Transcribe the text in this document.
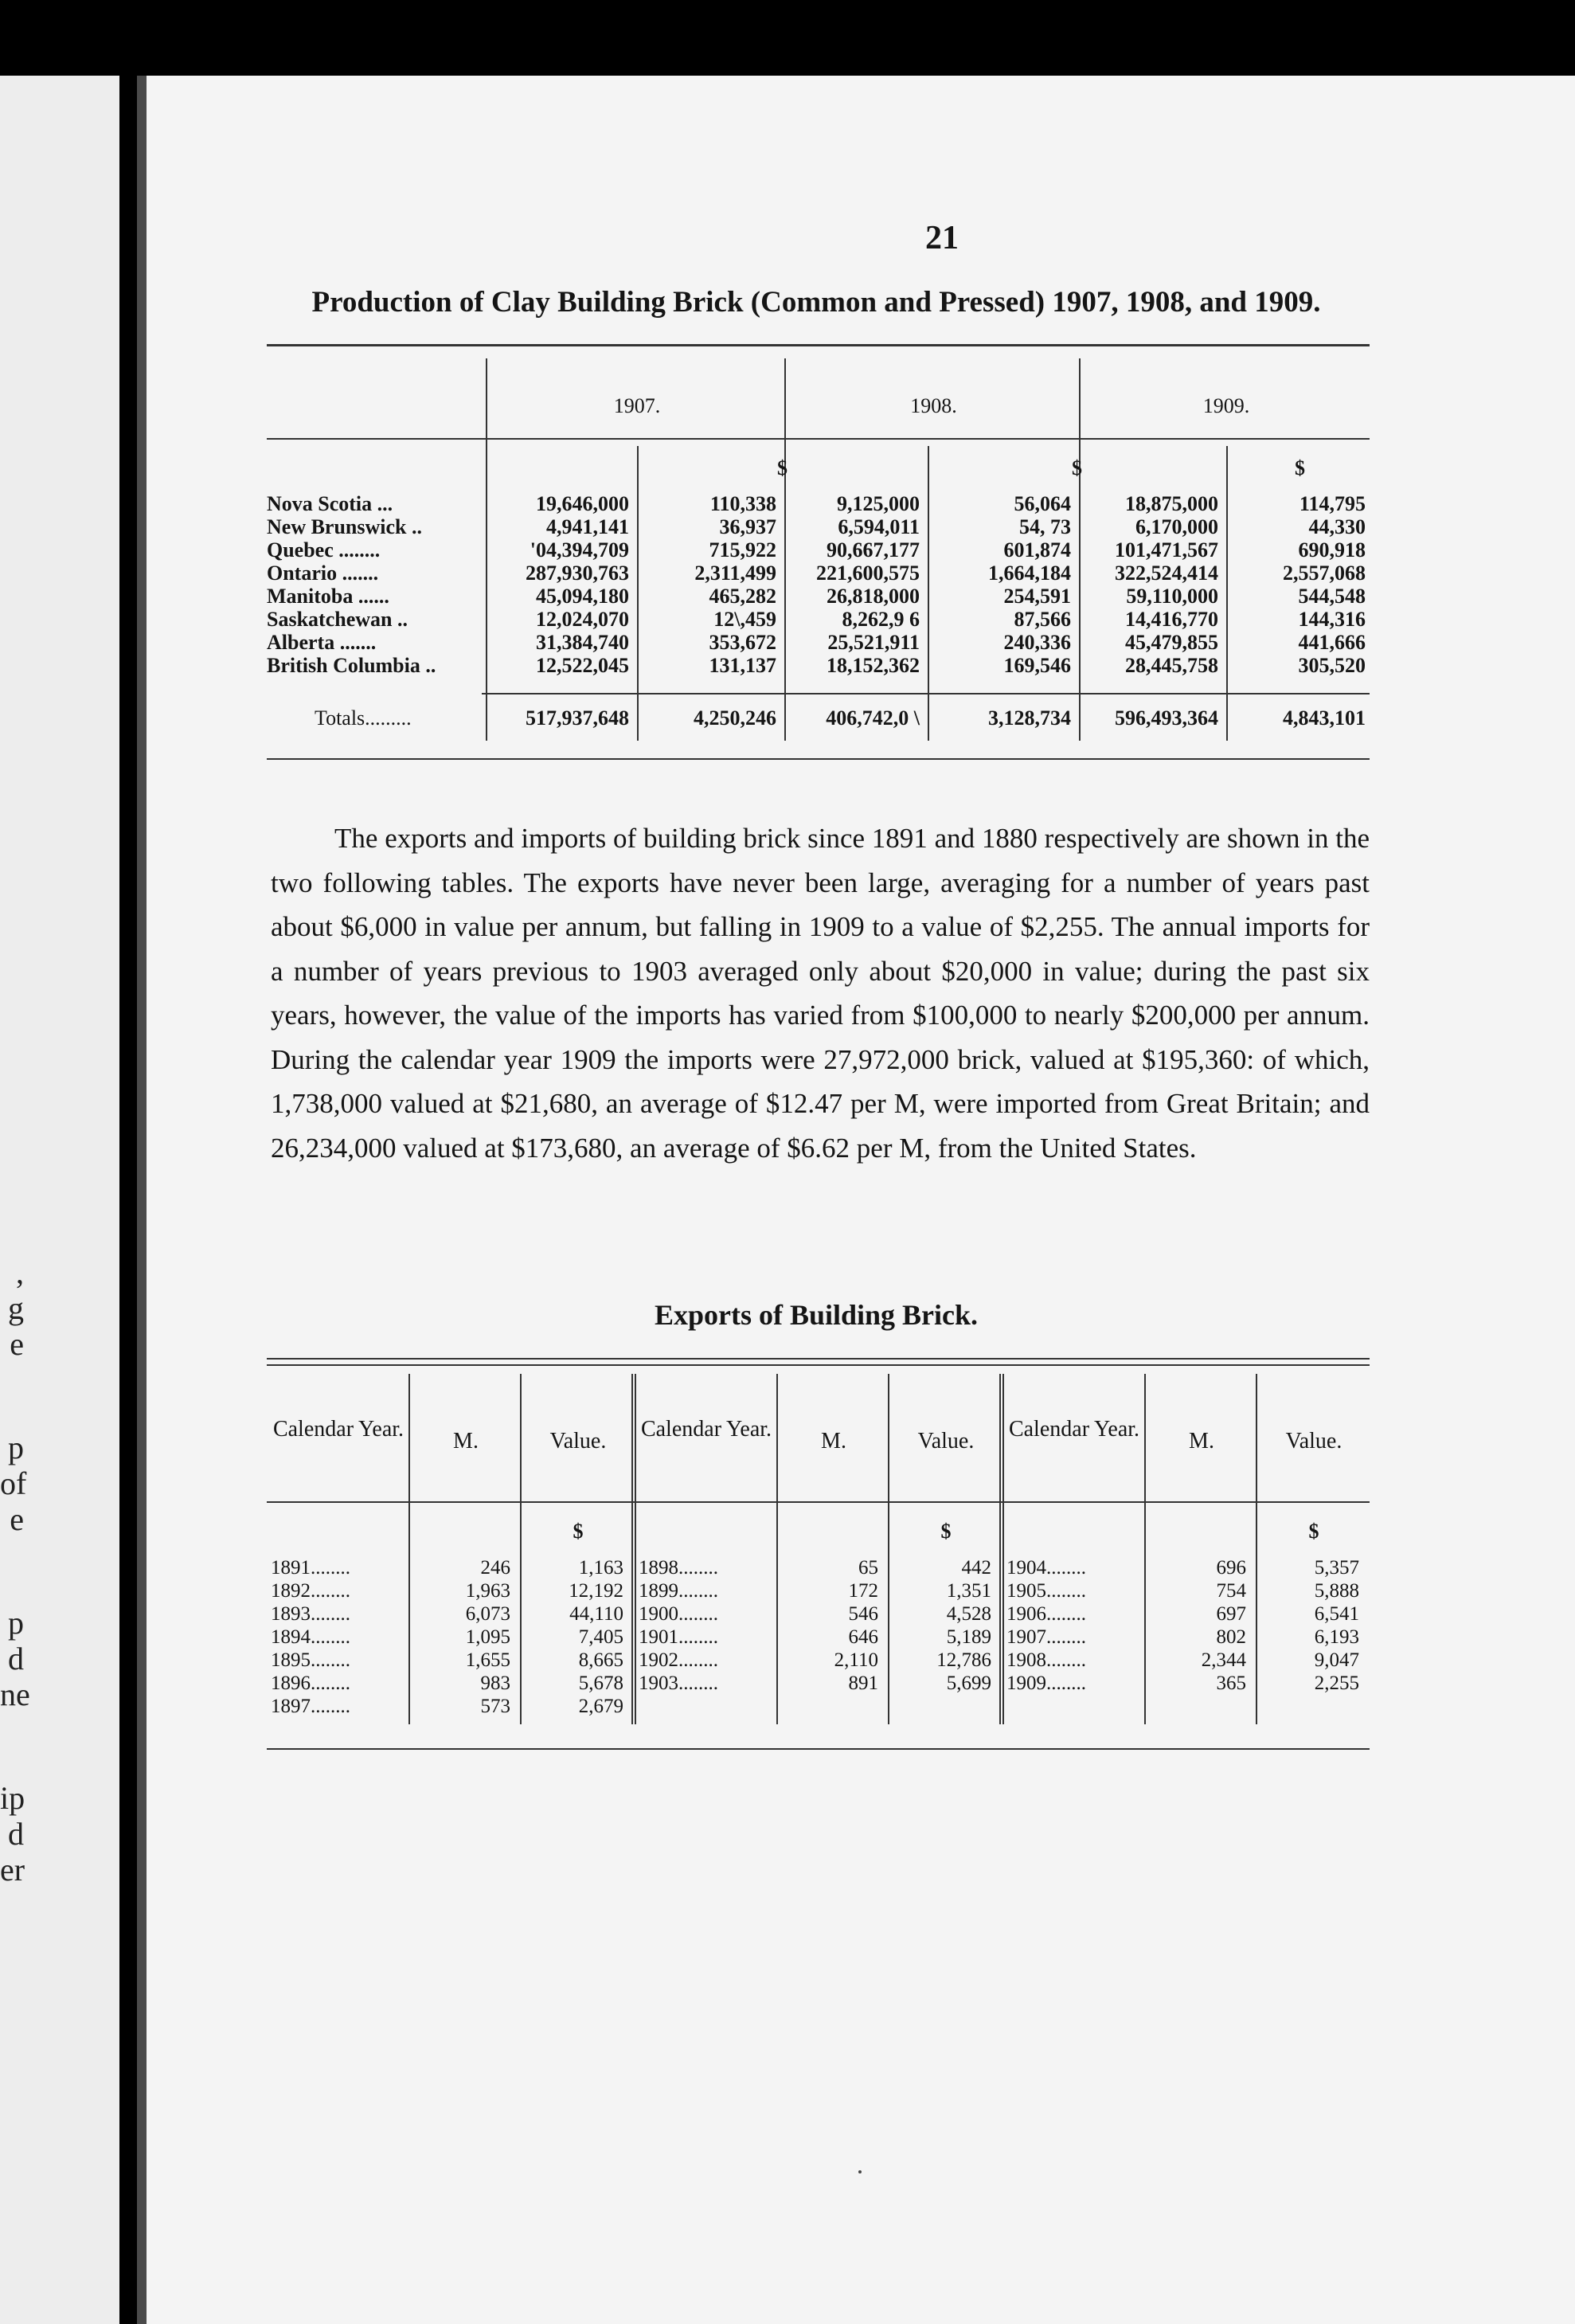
21
Production of Clay Building Brick (Common and Pressed) 1907, 1908, and 1909.
1907.	1908.	1909.
$	$	$
Nova Scotia ...	19,646,000	110,338	9,125,000	56,064	18,875,000	114,795
New Brunswick ..	4,941,141	36,937	6,594,011	54, 73	6,170,000	44,330
Quebec ........	'04,394,709	715,922	90,667,177	601,874	101,471,567	690,918
Ontario .......	287,930,763	2,311,499	221,600,575	1,664,184	322,524,414	2,557,068
Manitoba ......	45,094,180	465,282	26,818,000	254,591	59,110,000	544,548
Saskatchewan ..	12,024,070	12\,459	8,262,9 6	87,566	14,416,770	144,316
Alberta .......	31,384,740	353,672	25,521,911	240,336	45,479,855	441,666
British Columbia ..	12,522,045	131,137	18,152,362	169,546	28,445,758	305,520
Totals.........	517,937,648	4,250,246	406,742,0 \	3,128,734	596,493,364	4,843,101
The exports and imports of building brick since 1891 and 1880 respectively are shown in the two following tables. The exports have never been large, averaging for a number of years past about $6,000 in value per annum, but falling in 1909 to a value of $2,255. The annual imports for a number of years previous to 1903 averaged only about $20,000 in value; during the past six years, however, the value of the imports has varied from $100,000 to nearly $200,000 per annum. During the calendar year 1909 the imports were 27,972,000 brick, valued at $195,360: of which, 1,738,000 valued at $21,680, an average of $12.47 per M, were imported from Great Britain; and 26,234,000 valued at $173,680, an average of $6.62 per M, from the United States.
Exports of Building Brick.
Calendar Year.	M.	Value.
$
1891........	246	1,163
1892........	1,963	12,192
1893........	6,073	44,110
1894........	1,095	7,405
1895........	1,655	8,665
1896........	983	5,678
1897........	573	2,679
Calendar Year.	M.	Value.
$
1898........	65	442
1899........	172	1,351
1900........	546	4,528
1901........	646	5,189
1902........	2,110	12,786
1903........	891	5,699
Calendar Year.	M.	Value.
$
1904........	696	5,357
1905........	754	5,888
1906........	697	6,541
1907........	802	6,193
1908........	2,344	9,047
1909........	365	2,255
,
g
e
p
of
e
p
d
ne
ip
d
er
